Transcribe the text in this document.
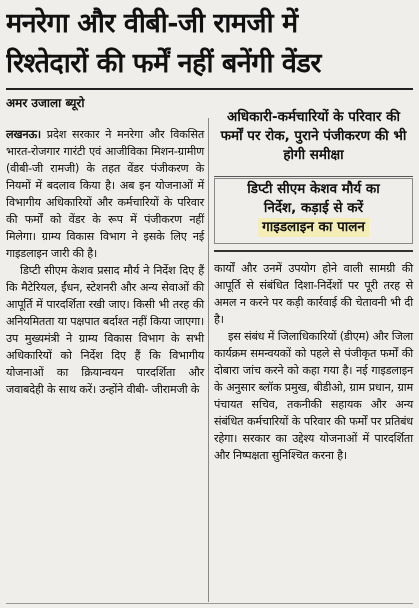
मनरेगा और वीबी-जी रामजी में
रिश्तेदारों की फर्में नहीं बनेंगी वेंडर
अमर उजाला ब्यूरो

लखनऊ। प्रदेश सरकार ने मनरेगा और विकसित भारत-रोजगार गारंटी एवं आजीविका मिशन-ग्रामीण (वीबी-जी रामजी) के तहत वेंडर पंजीकरण के नियमों में बदलाव किया है। अब इन योजनाओं में विभागीय अधिकारियों और कर्मचारियों के परिवार की फर्मों को वेंडर के रूप में पंजीकरण नहीं मिलेगा। ग्राम्य विकास विभाग ने इसके लिए नई गाइडलाइन जारी की है।

डिप्टी सीएम केशव प्रसाद मौर्य ने निर्देश दिए हैं कि मैटेरियल, ईंधन, स्टेशनरी और अन्य सेवाओं की आपूर्ति में पारदर्शिता रखी जाए। किसी भी तरह की अनियमितता या पक्षपात बर्दाश्त नहीं किया जाएगा। उप मुख्यमंत्री ने ग्राम्य विकास विभाग के सभी अधिकारियों को निर्देश दिए हैं कि विभागीय योजनाओं का क्रियान्वयन पारदर्शिता और जवाबदेही के साथ करें। उन्होंने वीबी- जीरामजी के

अधिकारी-कर्मचारियों के परिवार की फर्मों पर रोक, पुराने पंजीकरण की भी होगी समीक्षा
डिप्टी सीएम केशव मौर्य का
निर्देश, कड़ाई से करें
गाइडलाइन का पालन

कार्यों और उनमें उपयोग होने वाली सामग्री की आपूर्ति से संबंधित दिशा-निर्देशों पर पूरी तरह से अमल न करने पर कड़ी कार्रवाई की चेतावनी भी दी है।

इस संबंध में जिलाधिकारियों (डीएम) और जिला कार्यक्रम समन्वयकों को पहले से पंजीकृत फर्मों की दोबारा जांच करने को कहा गया है। नई गाइडलाइन के अनुसार ब्लॉक प्रमुख, बीडीओ, ग्राम प्रधान, ग्राम पंचायत सचिव, तकनीकी सहायक और अन्य संबंधित कर्मचारियों के परिवार की फर्मों पर प्रतिबंध रहेगा। सरकार का उद्देश्य योजनाओं में पारदर्शिता और निष्पक्षता सुनिश्चित करना है।
